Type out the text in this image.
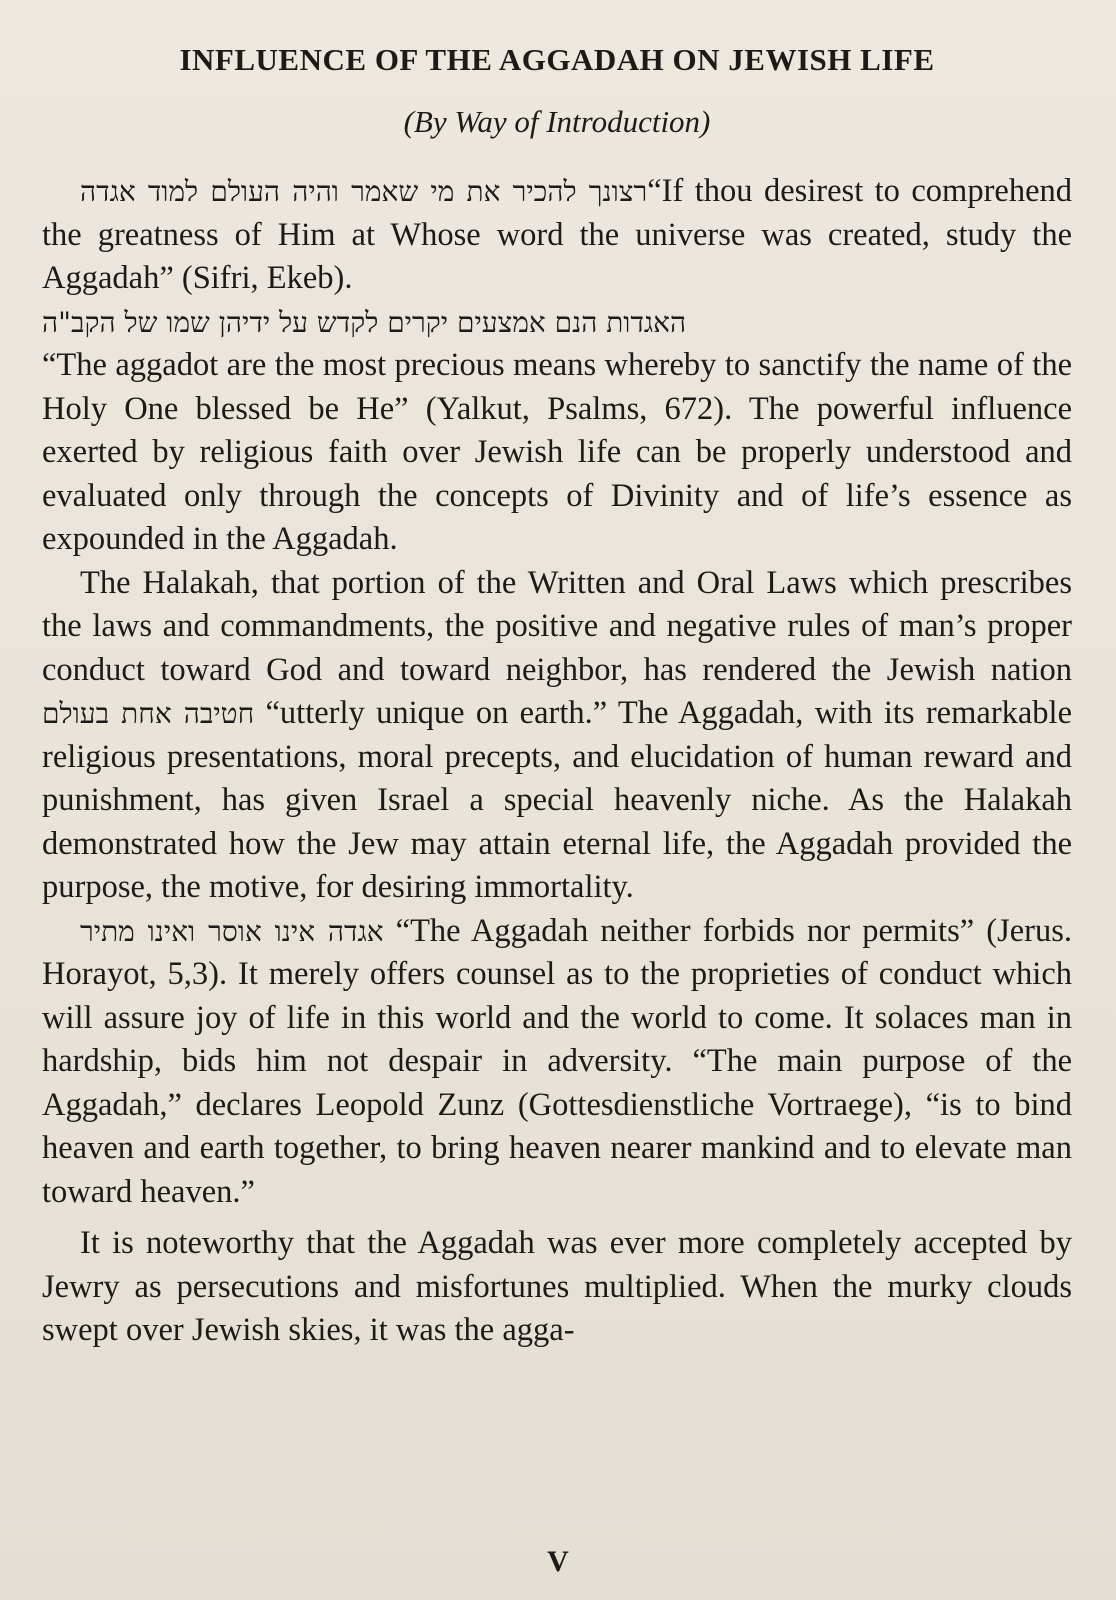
INFLUENCE OF THE AGGADAH ON JEWISH LIFE
(By Way of Introduction)

רצונך להכיר את מי שאמר והיה העולם למוד אגדה“If thou desirest to comprehend the greatness of Him at Whose word the universe was created, study the Aggadah” (Sifri, Ekeb).

האגדות הנם אמצעים יקרים לקדש על ידיהן שמו של הקב"ה

“The aggadot are the most precious means whereby to sanctify the name of the Holy One blessed be He” (Yalkut, Psalms, 672). The powerful influence exerted by religious faith over Jewish life can be properly understood and evaluated only through the concepts of Divinity and of life’s essence as expounded in the Aggadah.

The Halakah, that portion of the Written and Oral Laws which prescribes the laws and commandments, the positive and negative rules of man’s proper conduct toward God and toward neighbor, has rendered the Jewish nation חטיבה אחת בעולם “utterly unique on earth.” The Aggadah, with its remarkable religious presentations, moral precepts, and elucidation of human reward and punishment, has given Israel a special heavenly niche. As the Halakah demonstrated how the Jew may attain eternal life, the Aggadah provided the purpose, the motive, for desiring immortality.

אגדה אינו אוסר ואינו מתיר “The Aggadah neither forbids nor permits” (Jerus. Horayot, 5,3). It merely offers counsel as to the proprieties of conduct which will assure joy of life in this world and the world to come. It solaces man in hardship, bids him not despair in adversity. “The main purpose of the Aggadah,” declares Leopold Zunz (Gottesdienstliche Vortraege), “is to bind heaven and earth together, to bring heaven nearer mankind and to elevate man toward heaven.”

It is noteworthy that the Aggadah was ever more completely accepted by Jewry as persecutions and misfortunes multiplied. When the murky clouds swept over Jewish skies, it was the agga-

V
